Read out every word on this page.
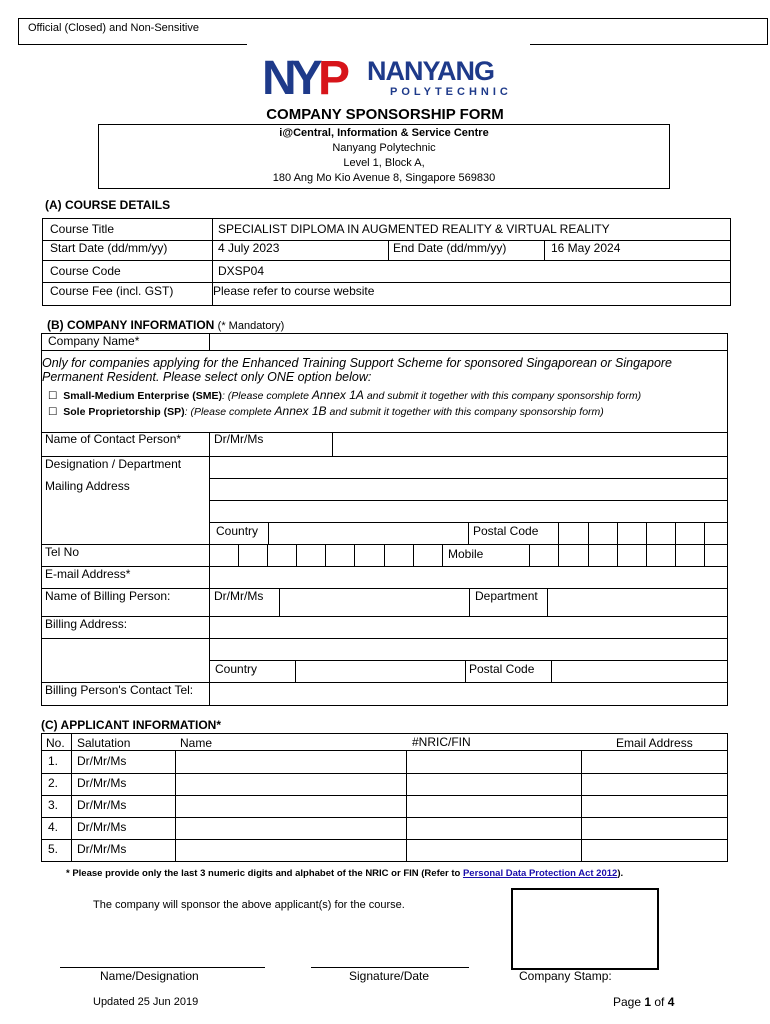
Official (Closed) and Non-Sensitive
NY P NANYANG
POLYTECHNIC
COMPANY SPONSORSHIP FORM
i@Central, Information & Service Centre
Nanyang Polytechnic
Level 1, Block A,
180 Ang Mo Kio Avenue 8, Singapore 569830
(A) COURSE DETAILS
Course Title	SPECIALIST DIPLOMA IN AUGMENTED REALITY & VIRTUAL REALITY
Start Date (dd/mm/yy)	4 July 2023	End Date (dd/mm/yy)	16 May 2024
Course Code	DXSP04
Course Fee (incl. GST)	Please refer to course website
(B) COMPANY INFORMATION (* Mandatory)
Company Name*
Only for companies applying for the Enhanced Training Support Scheme for sponsored Singaporean or Singapore
Permanent Resident. Please select only ONE option below:
☐ Small-Medium Enterprise (SME): (Please complete Annex 1A and submit it together with this company sponsorship form)
☐ Sole Proprietorship (SP): (Please complete Annex 1B and submit it together with this company sponsorship form)
Name of Contact Person*	Dr/Mr/Ms
Designation / Department
Mailing Address
Country	Postal Code
Tel No	Mobile
E-mail Address*
Name of Billing Person:	Dr/Mr/Ms	Department
Billing Address:
Country	Postal Code
Billing Person's Contact Tel:
(C) APPLICANT INFORMATION*
No. Salutation	Name	#NRIC/FIN	Email Address
1. Dr/Mr/Ms
2. Dr/Mr/Ms
3. Dr/Mr/Ms
4. Dr/Mr/Ms
5. Dr/Mr/Ms
* Please provide only the last 3 numeric digits and alphabet of the NRIC or FIN (Refer to Personal Data Protection Act 2012).
The company will sponsor the above applicant(s) for the course.
Name/Designation	Signature/Date	Company Stamp:
Updated 25 Jun 2019	Page 1 of 4
